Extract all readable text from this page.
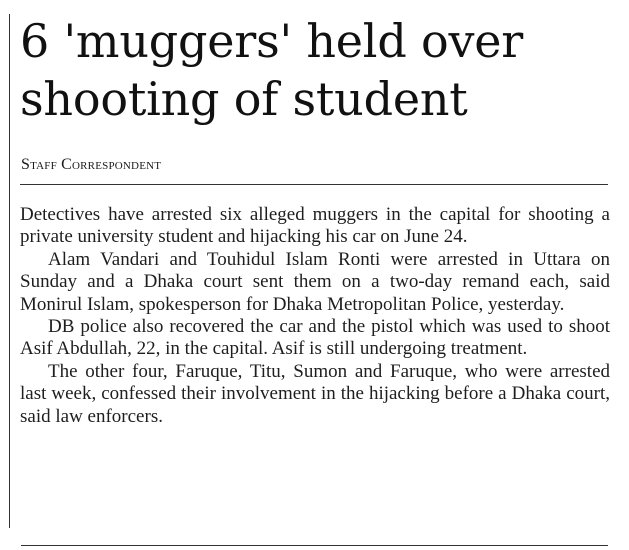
6 'muggers' held over
shooting of student
Staff Correspondent

Detectives have arrested six alleged muggers in the capital for shooting a private university student and hijacking his car on June 24.

Alam Vandari and Touhidul Islam Ronti were arrested in Uttara on Sunday and a Dhaka court sent them on a two-day remand each, said Monirul Islam, spokesperson for Dhaka Metropolitan Police, yesterday.

DB police also recovered the car and the pistol which was used to shoot Asif Abdullah, 22, in the capital. Asif is still undergoing treatment.

The other four, Faruque, Titu, Sumon and Faruque, who were arrested last week, confessed their involvement in the hijacking before a Dhaka court, said law enforcers.
